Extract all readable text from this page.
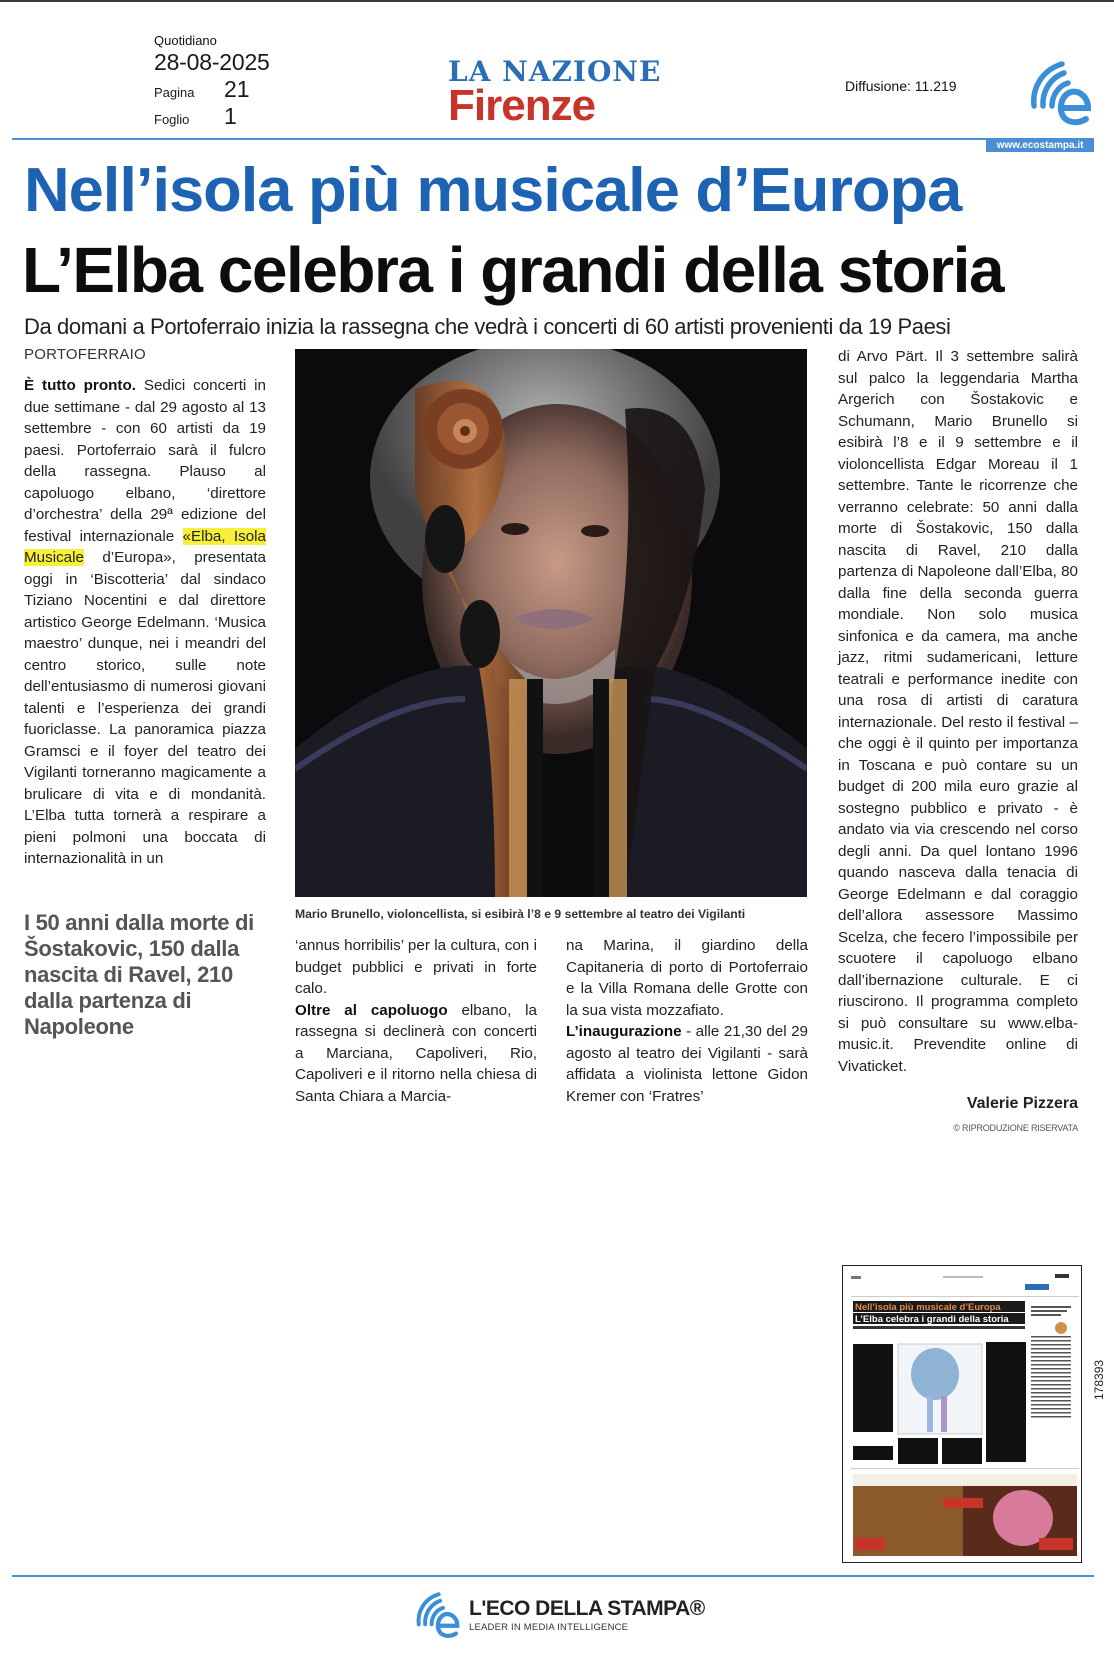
Quotidiano
28-08-2025
Pagina	21
Foglio	1
LA NAZIONE
Firenze	Diffusione: 11.219
www.ecostampa.it
Nell’isola più musicale d’Europa
L’Elba celebra i grandi della storia
Da domani a Portoferraio inizia la rassegna che vedrà i concerti di 60 artisti provenienti da 19 Paesi
PORTOFERRAIO

È tutto pronto. Sedici concerti in due settimane - dal 29 agosto al 13 settembre - con 60 artisti da 19 paesi. Portoferraio sarà il fulcro della rassegna. Plauso al capoluogo elbano, ‘direttore d’orchestra’ della 29ª edizione del festival internazionale «Elba, Isola Musicale d’Europa», presentata oggi in ‘Biscotteria’ dal sindaco Tiziano Nocentini e dal direttore artistico George Edelmann. ‘Musica maestro’ dunque, nei i meandri del centro storico, sulle note dell’entusiasmo di numerosi giovani talenti e l’esperienza dei grandi fuoriclasse. La panoramica piazza Gramsci e il foyer del teatro dei Vigilanti torneranno magicamente a brulicare di vita e di mondanità. L’Elba tutta tornerà a respirare a pieni polmoni una boccata di internazionalità in un

I 50 anni dalla morte di Šostakovic, 150 dalla nascita di Ravel, 210 dalla partenza di Napoleone
Mario Brunello, violoncellista, si esibirà l’8 e 9 settembre al teatro dei Vigilanti

‘annus horribilis’ per la cultura, con i budget pubblici e privati in forte calo.

Oltre al capoluogo elbano, la rassegna si declinerà con concerti a Marciana, Capoliveri, Rio, Capoliveri e il ritorno nella chiesa di Santa Chiara a Marcia-

na Marina, il giardino della Capitaneria di porto di Portoferraio e la Villa Romana delle Grotte con la sua vista mozzafiato.

L’inaugurazione - alle 21,30 del 29 agosto al teatro dei Vigilanti - sarà affidata a violinista lettone Gidon Kremer con ‘Fratres’

di Arvo Pärt. Il 3 settembre salirà sul palco la leggendaria Martha Argerich con Šostakovic e Schumann, Mario Brunello si esibirà l’8 e il 9 settembre e il violoncellista Edgar Moreau il 1 settembre. Tante le ricorrenze che verranno celebrate: 50 anni dalla morte di Šostakovic, 150 dalla nascita di Ravel, 210 dalla partenza di Napoleone dall’Elba, 80 dalla fine della seconda guerra mondiale. Non solo musica sinfonica e da camera, ma anche jazz, ritmi sudamericani, letture teatrali e performance inedite con una rosa di artisti di caratura internazionale. Del resto il festival – che oggi è il quinto per importanza in Toscana e può contare su un budget di 200 mila euro grazie al sostegno pubblico e privato - è andato via via crescendo nel corso degli anni. Da quel lontano 1996 quando nasceva dalla tenacia di George Edelmann e dal coraggio dell’allora assessore Massimo Scelza, che fecero l’impossibile per scuotere il capoluogo elbano dall’ibernazione culturale. E ci riuscirono. Il programma completo si può consultare su www.elba-music.it. Prevendite online di Vivaticket.

Valerie Pizzera
© RIPRODUZIONE RISERVATA
Nell’isola più musicale d’Europa
L’Elba celebra i grandi della storia
178393
L'ECO DELLA STAMPA®
LEADER IN MEDIA INTELLIGENCE
